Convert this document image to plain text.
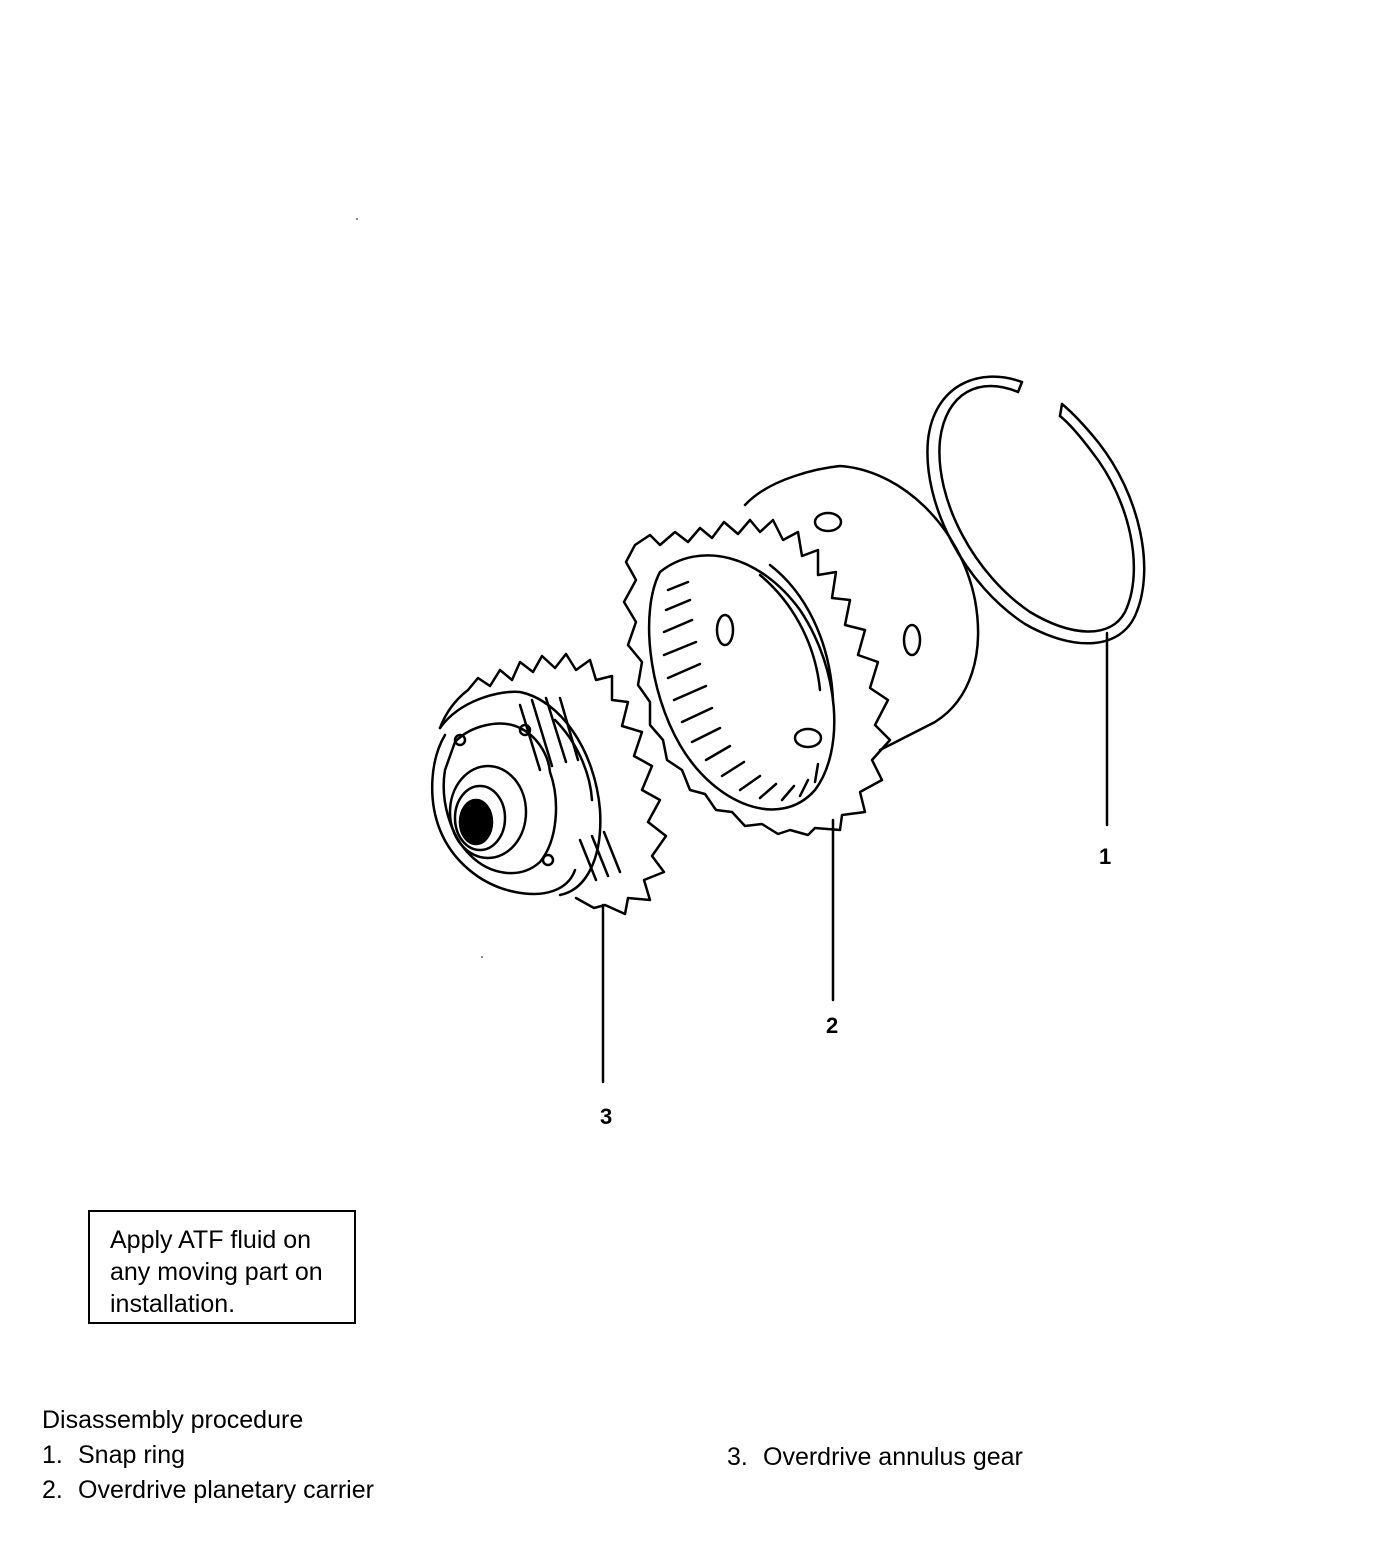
1
2
3
Apply ATF fluid on
any moving part on
installation.
Disassembly procedure
1. Snap ring
2. Overdrive planetary carrier
3. Overdrive annulus gear
